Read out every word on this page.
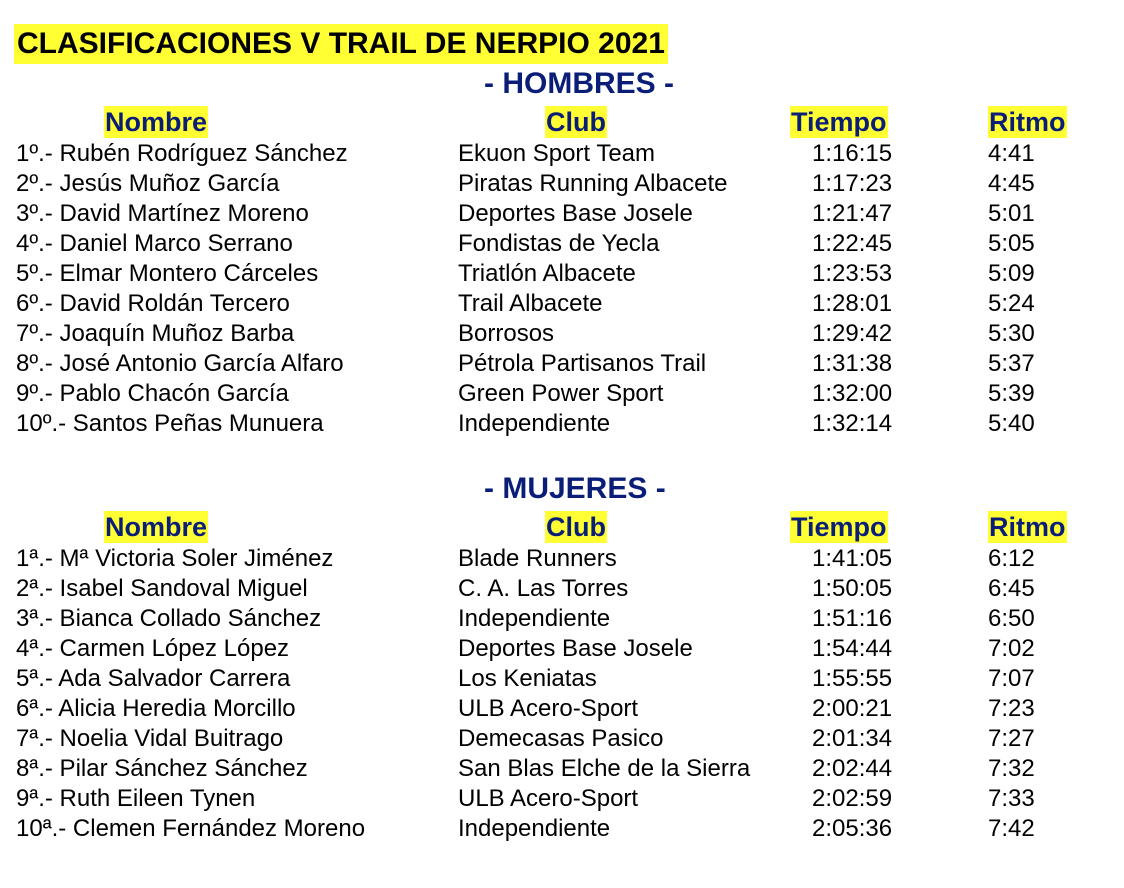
CLASIFICACIONES V TRAIL DE NERPIO 2021
- HOMBRES -
Nombre	Club	Tiempo	Ritmo
1º.- Rubén Rodríguez Sánchez	Ekuon Sport Team	1:16:15	4:41
2º.- Jesús Muñoz García	Piratas Running Albacete	1:17:23	4:45
3º.- David Martínez Moreno	Deportes Base Josele	1:21:47	5:01
4º.- Daniel Marco Serrano	Fondistas de Yecla	1:22:45	5:05
5º.- Elmar Montero Cárceles	Triatlón Albacete	1:23:53	5:09
6º.- David Roldán Tercero	Trail Albacete	1:28:01	5:24
7º.- Joaquín Muñoz Barba	Borrosos	1:29:42	5:30
8º.- José Antonio García Alfaro	Pétrola Partisanos Trail	1:31:38	5:37
9º.- Pablo Chacón García	Green Power Sport	1:32:00	5:39
10º.- Santos Peñas Munuera	Independiente	1:32:14	5:40
- MUJERES -
Nombre	Club	Tiempo	Ritmo
1ª.- Mª Victoria Soler Jiménez	Blade Runners	1:41:05	6:12
2ª.- Isabel Sandoval Miguel	C. A. Las Torres	1:50:05	6:45
3ª.- Bianca Collado Sánchez	Independiente	1:51:16	6:50
4ª.- Carmen López López	Deportes Base Josele	1:54:44	7:02
5ª.- Ada Salvador Carrera	Los Keniatas	1:55:55	7:07
6ª.- Alicia Heredia Morcillo	ULB Acero-Sport	2:00:21	7:23
7ª.- Noelia Vidal Buitrago	Demecasas Pasico	2:01:34	7:27
8ª.- Pilar Sánchez Sánchez	San Blas Elche de la Sierra	2:02:44	7:32
9ª.- Ruth Eileen Tynen	ULB Acero-Sport	2:02:59	7:33
10ª.- Clemen Fernández Moreno	Independiente	2:05:36	7:42
